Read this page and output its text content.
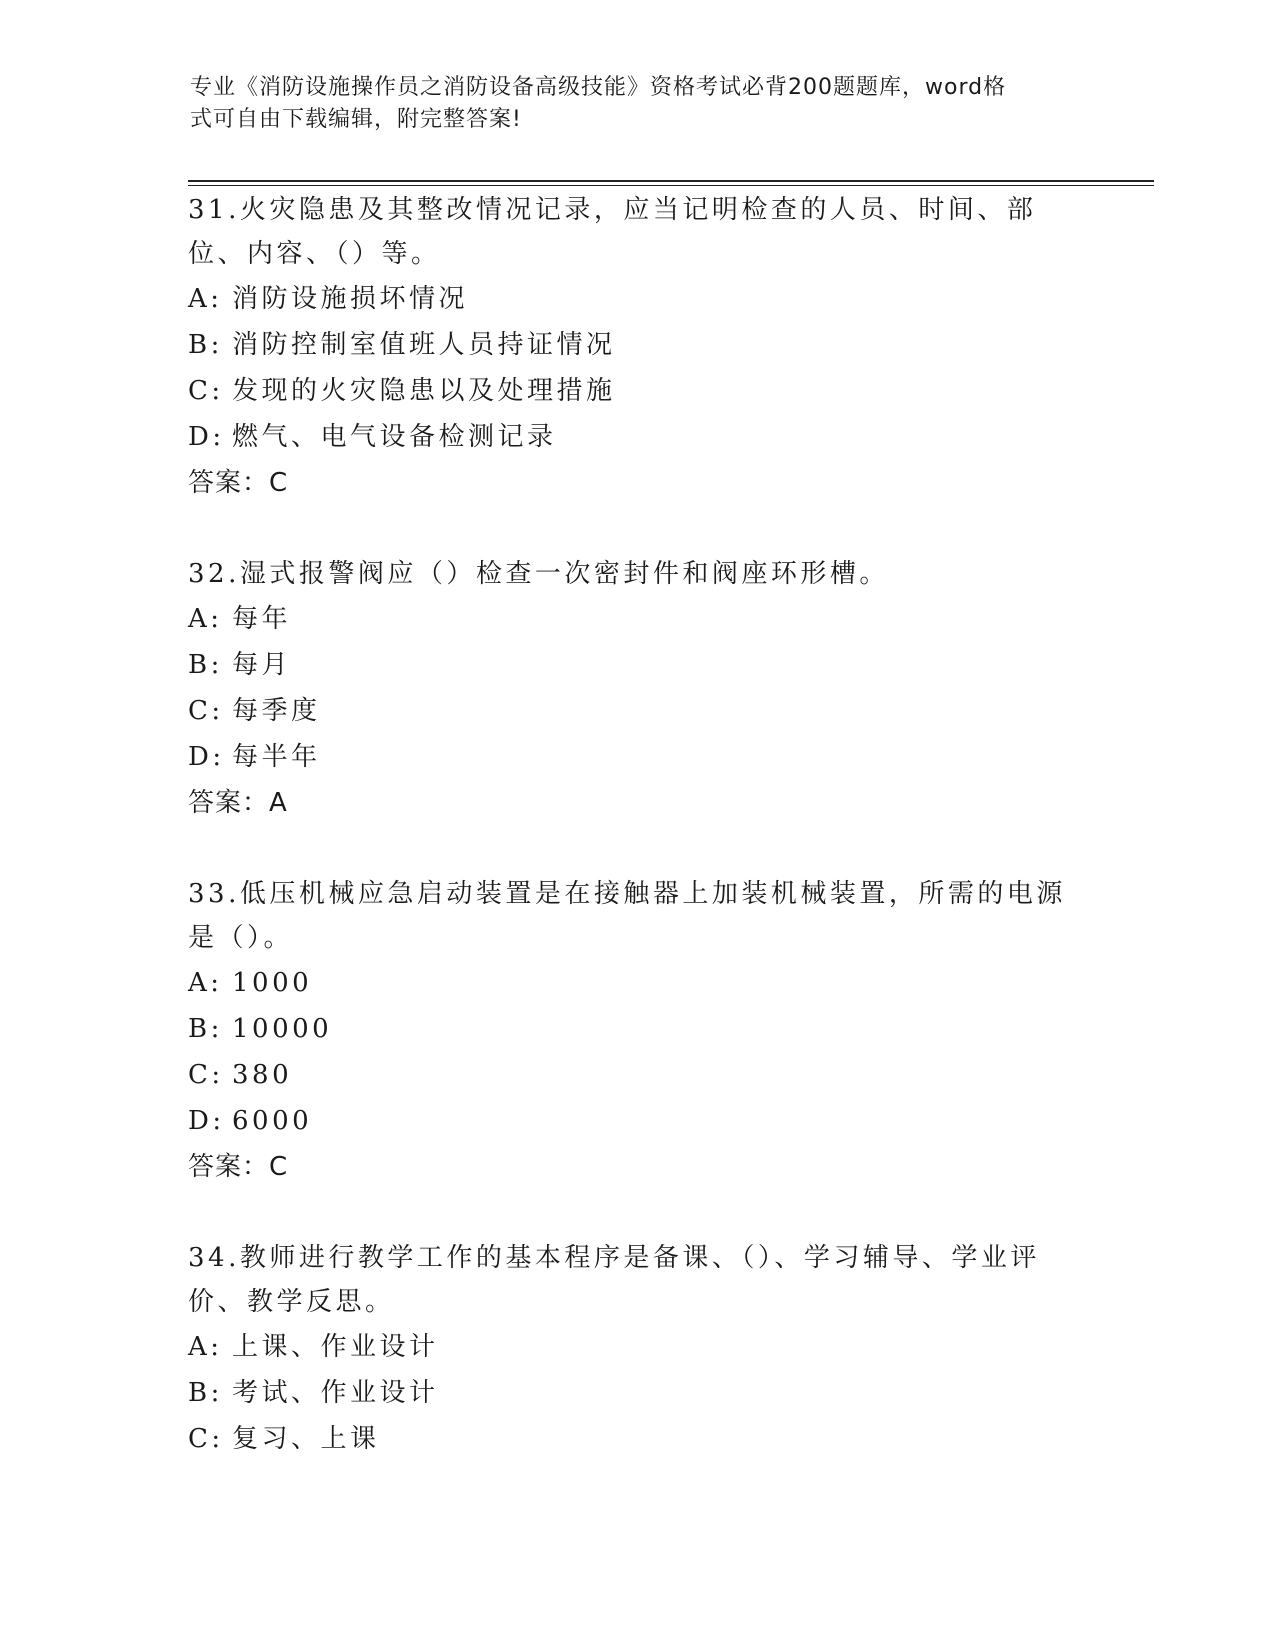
专业《消防设施操作员之消防设备高级技能》资格考试必背200题题库，word格
式可自由下载编辑，附完整答案!

31.火灾隐患及其整改情况记录，应当记明检查的人员、时间、部位、内容、（）等。

A: 消防设施损坏情况

B: 消防控制室值班人员持证情况

C: 发现的火灾隐患以及处理措施

D: 燃气、电气设备检测记录

答案：C

32.湿式报警阀应（）检查一次密封件和阀座环形槽。

A: 每年

B: 每月

C: 每季度

D: 每半年

答案：A

33.低压机械应急启动装置是在接触器上加装机械装置，所需的电源是（）。

A: 1000

B: 10000

C: 380

D: 6000

答案：C

34.教师进行教学工作的基本程序是备课、（）、学习辅导、学业评价、教学反思。

A: 上课、作业设计

B: 考试、作业设计

C: 复习、上课
